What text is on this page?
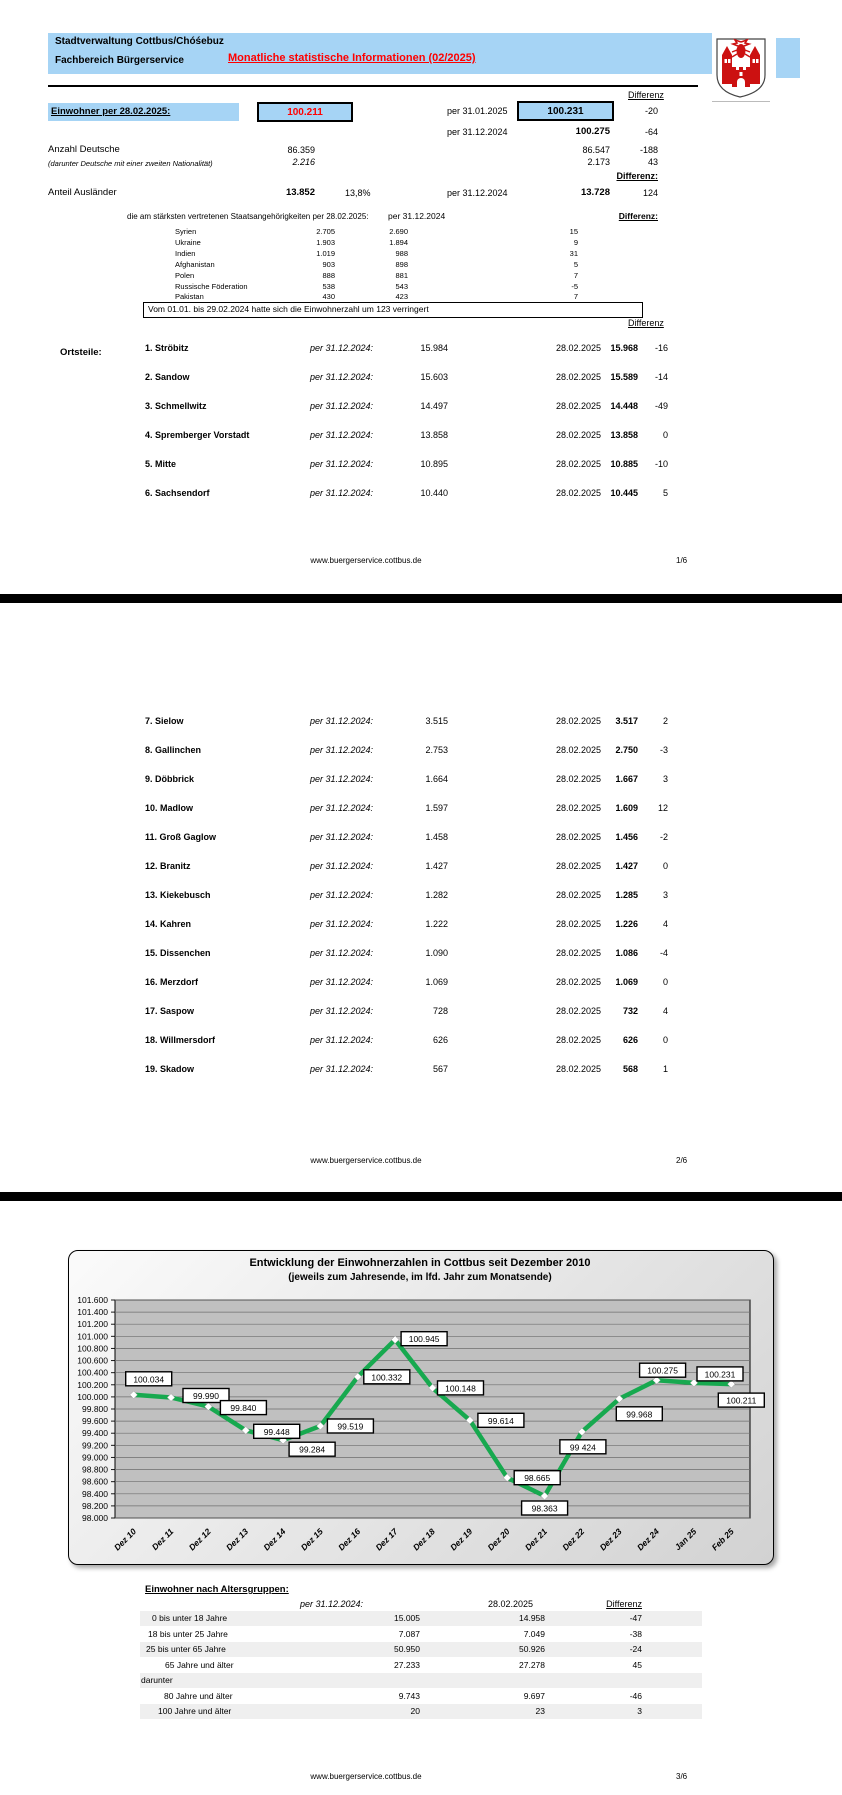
Stadtverwaltung Cottbus/Chóśebuz
Fachbereich Bürgerservice	Monatliche statistische Informationen (02/2025)
Differenz
Einwohner per 28.02.2025:	100.211	per 31.01.2025	100.231	-20
per 31.12.2024	100.275	-64
Anzahl Deutsche	86.359	86.547	-188
(darunter Deutsche mit einer zweiten Nationalität)	2.216	2.173	43
Differenz:
Anteil Ausländer	13.852	13,8%	per 31.12.2024	13.728	124
die am stärksten vertretenen Staatsangehörigkeiten per 28.02.2025: per 31.12.2024	Differenz:
Syrien	2.705	2.690	15
Ukraine	1.903	1.894	9
Indien	1.019	988	31
Afghanistan	903	898	5
Polen	888	881	7
Russische Föderation	538	543	-5
Pakistan	430	423	7
Vom 01.01. bis 29.02.2024 hatte sich die Einwohnerzahl um 123 verringert
Differenz
Ortsteile:	1. Ströbitz	per 31.12.2024:	15.984	28.02.2025	15.968	-16
2. Sandow	per 31.12.2024:	15.603	28.02.2025	15.589	-14
3. Schmellwitz	per 31.12.2024:	14.497	28.02.2025	14.448	-49
4. Spremberger Vorstadt	per 31.12.2024:	13.858	28.02.2025	13.858	0
5. Mitte	per 31.12.2024:	10.895	28.02.2025	10.885	-10
6. Sachsendorf	per 31.12.2024:	10.440	28.02.2025	10.445	5
www.buergerservice.cottbus.de	1/6
7. Sielow	per 31.12.2024:	3.515	28.02.2025	3.517	2
8. Gallinchen	per 31.12.2024:	2.753	28.02.2025	2.750	-3
9. Döbbrick	per 31.12.2024:	1.664	28.02.2025	1.667	3
10. Madlow	per 31.12.2024:	1.597	28.02.2025	1.609	12
11. Groß Gaglow	per 31.12.2024:	1.458	28.02.2025	1.456	-2
12. Branitz	per 31.12.2024:	1.427	28.02.2025	1.427	0
13. Kiekebusch	per 31.12.2024:	1.282	28.02.2025	1.285	3
14. Kahren	per 31.12.2024:	1.222	28.02.2025	1.226	4
15. Dissenchen	per 31.12.2024:	1.090	28.02.2025	1.086	-4
16. Merzdorf	per 31.12.2024:	1.069	28.02.2025	1.069	0
17. Saspow	per 31.12.2024:	728	28.02.2025	732	4
18. Willmersdorf	per 31.12.2024:	626	28.02.2025	626	0
19. Skadow	per 31.12.2024:	567	28.02.2025	568	1
www.buergerservice.cottbus.de	2/6
Entwicklung der Einwohnerzahlen in Cottbus seit Dezember 2010
(jeweils zum Jahresende, im lfd. Jahr zum Monatsende)
98.000
98.200
98.400
98.600
98.800
99.000
99.200
99.400
99.600
99.800
100.000
100.200
100.400
100.600
100.800
101.000
101.200
101.400
101.600
Dez 10 Dez 11 Dez 12 Dez 13 Dez 14 Dez 15 Dez 16 Dez 17 Dez 18 Dez 19 Dez 20 Dez 21 Dez 22 Dez 23 Dez 24 Jan 25 Feb 25
100.034
99.990
99.840
99.448
99.284
99.519
100.332
100.945
100.148
99.614
98.665
98.363
99 424
99.968
100.275	100.231
100.211
Einwohner nach Altersgruppen:
per 31.12.2024:	28.02.2025	Differenz
0 bis unter 18 Jahre	15.005	14.958	-47
18 bis unter 25 Jahre	7.087	7.049	-38
25 bis unter 65 Jahre	50.950	50.926	-24
65 Jahre und älter	27.233	27.278	45
darunter
80 Jahre und älter	9.743	9.697	-46
100 Jahre und älter	20	23	3
www.buergerservice.cottbus.de	3/6
